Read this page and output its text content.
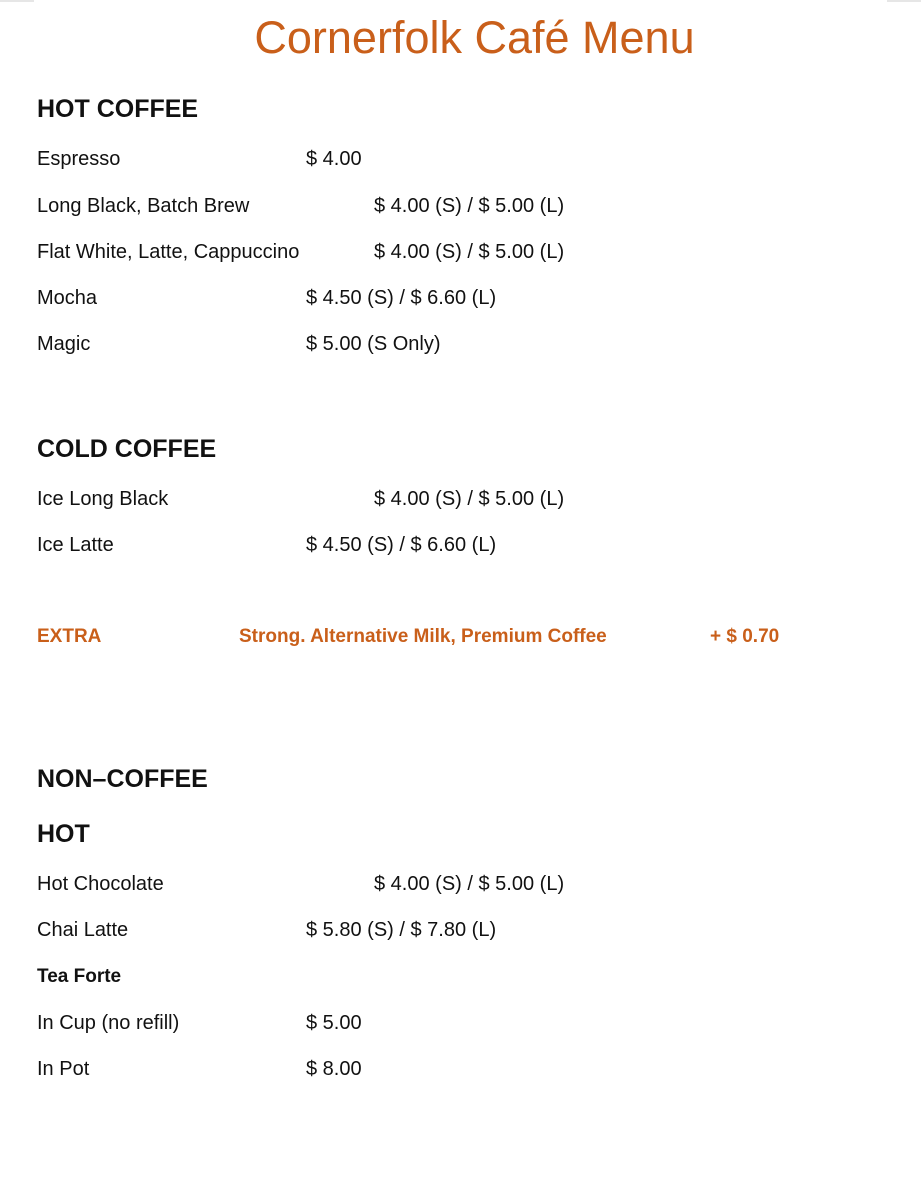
Cornerfolk Café Menu
HOT COFFEE
Espresso	$ 4.00
Long Black, Batch Brew	$ 4.00 (S) / $ 5.00 (L)
Flat White, Latte, Cappuccino	$ 4.00 (S) / $ 5.00 (L)
Mocha	$ 4.50 (S) / $ 6.60 (L)
Magic	$ 5.00 (S Only)
COLD COFFEE
Ice Long Black	$ 4.00 (S) / $ 5.00 (L)
Ice Latte	$ 4.50 (S) / $ 6.60 (L)
EXTRA	Strong. Alternative Milk, Premium Coffee	+ $ 0.70
NON–COFFEE
HOT
Hot Chocolate	$ 4.00 (S) / $ 5.00 (L)
Chai Latte	$ 5.80 (S) / $ 7.80 (L)
Tea Forte
In Cup (no refill)	$ 5.00
In Pot	$ 8.00
